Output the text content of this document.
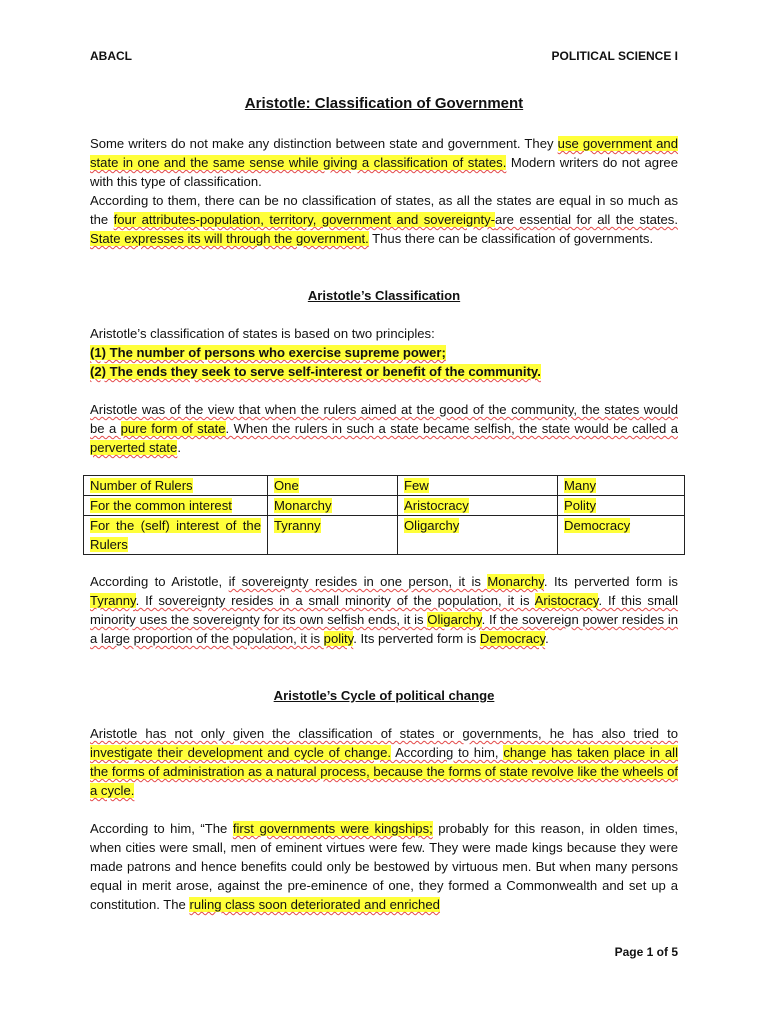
ABACL	POLITICAL SCIENCE I
Aristotle: Classification of Government
Some writers do not make any distinction between state and government. They use government and state in one and the same sense while giving a classification of states. Modern writers do not agree with this type of classification.
According to them, there can be no classification of states, as all the states are equal in so much as the four attributes-population, territory, government and sovereignty-are essential for all the states. State expresses its will through the government. Thus there can be classification of governments.
Aristotle’s Classification
Aristotle’s classification of states is based on two principles:
(1) The number of persons who exercise supreme power;
(2) The ends they seek to serve self-interest or benefit of the community.
Aristotle was of the view that when the rulers aimed at the good of the community, the states would be a pure form of state. When the rulers in such a state became selfish, the state would be called a perverted state.
Number of Rulers	One	Few	Many
For the common interest	Monarchy	Aristocracy	Polity
For the (self) interest of the Rulers	Tyranny	Oligarchy	Democracy
According to Aristotle, if sovereignty resides in one person, it is Monarchy. Its perverted form is Tyranny. If sovereignty resides in a small minority of the population, it is Aristocracy. If this small minority uses the sovereignty for its own selfish ends, it is Oligarchy. If the sovereign power resides in a large proportion of the population, it is polity. Its perverted form is Democracy.
Aristotle’s Cycle of political change
Aristotle has not only given the classification of states or governments, he has also tried to investigate their development and cycle of change. According to him, change has taken place in all the forms of administration as a natural process, because the forms of state revolve like the wheels of a cycle.
According to him, “The first governments were kingships; probably for this reason, in olden times, when cities were small, men of eminent virtues were few. They were made kings because they were made patrons and hence benefits could only be bestowed by virtuous men. But when many persons equal in merit arose, against the pre-eminence of one, they formed a Commonwealth and set up a constitution. The ruling class soon deteriorated and enriched
Page 1 of 5
